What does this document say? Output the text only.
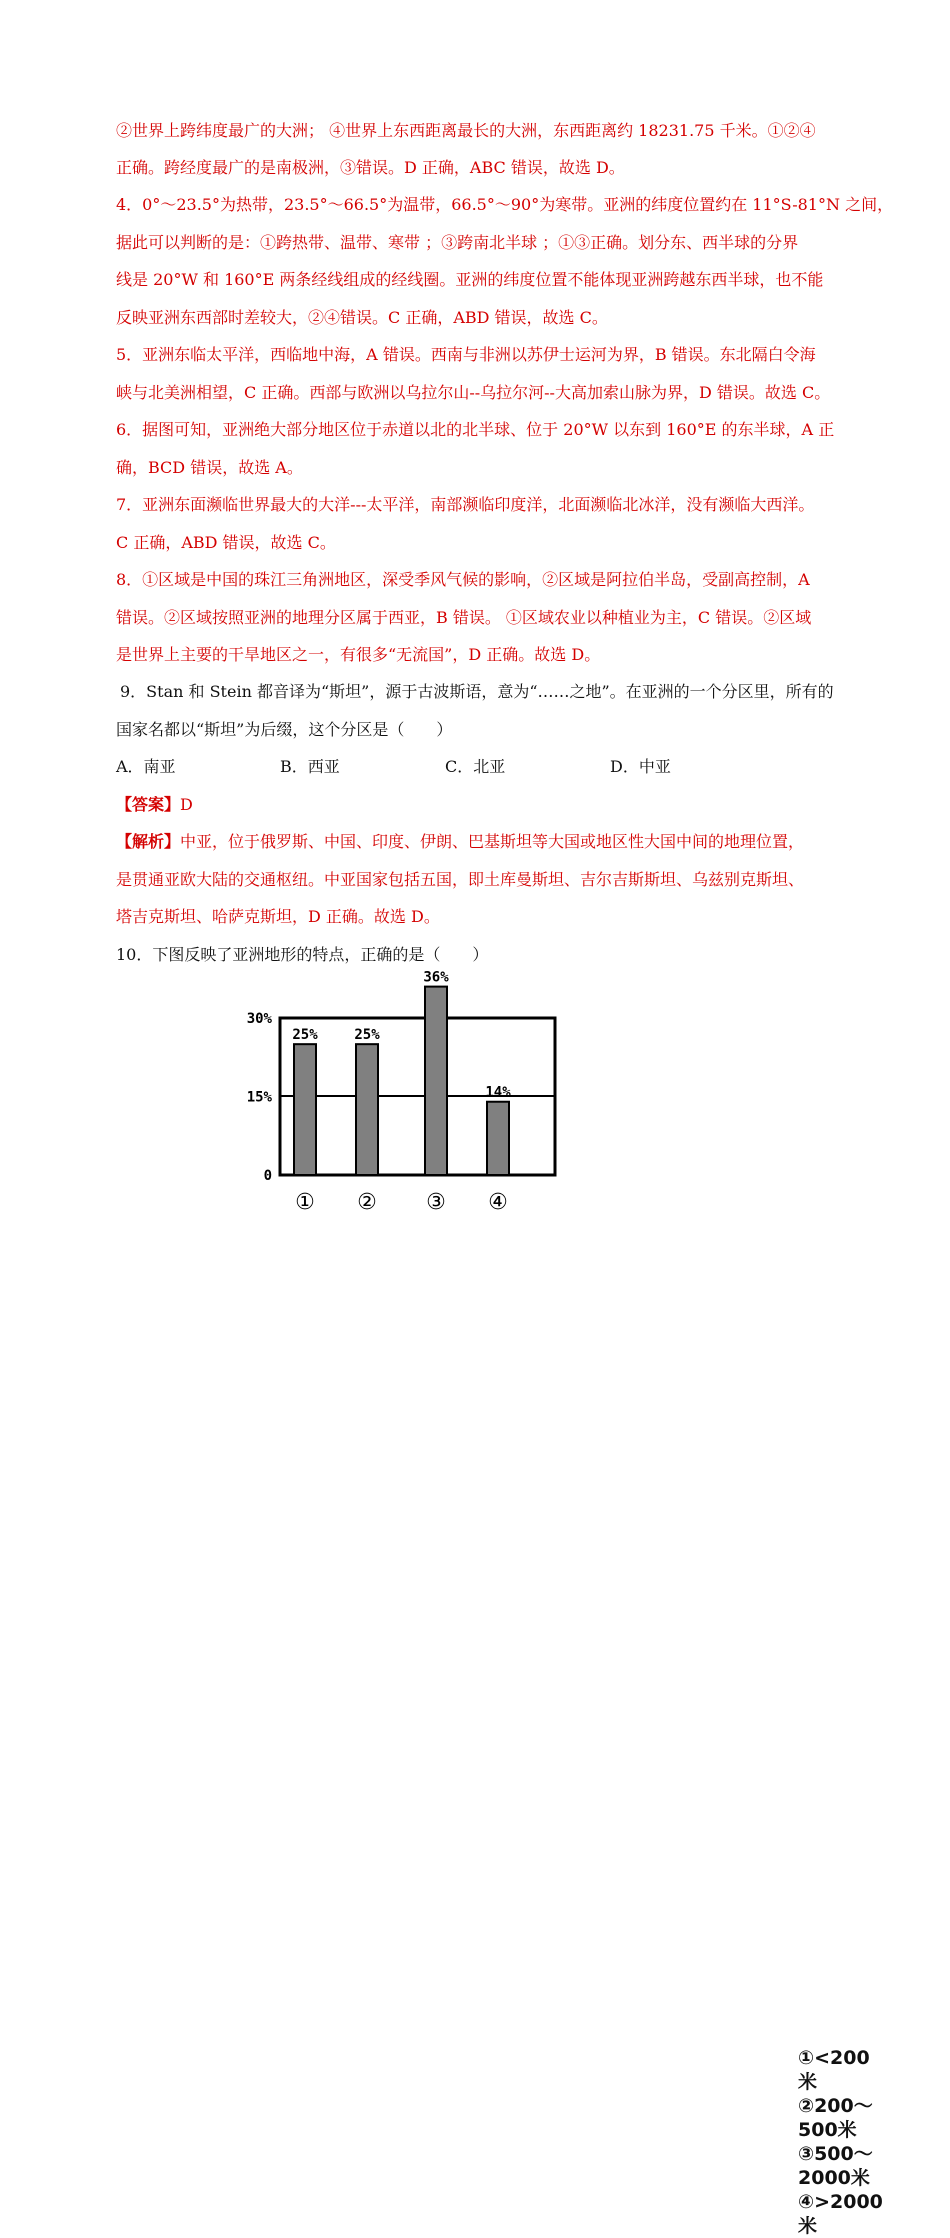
②世界上跨纬度最广的大洲； ④世界上东西距离最长的大洲，东西距离约 18231.75 千米。①②④
正确。跨经度最广的是南极洲，③错误。D 正确，ABC 错误，故选 D。
4．0°～23.5°为热带，23.5°～66.5°为温带，66.5°～90°为寒带。亚洲的纬度位置约在 11°S-81°N 之间，
据此可以判断的是：①跨热带、温带、寒带 ；③跨南北半球 ；①③正确。划分东、西半球的分界
线是 20°W 和 160°E 两条经线组成的经线圈。亚洲的纬度位置不能体现亚洲跨越东西半球，也不能
反映亚洲东西部时差较大，②④错误。C 正确，ABD 错误，故选 C。
5．亚洲东临太平洋，西临地中海，A 错误。西南与非洲以苏伊士运河为界，B 错误。东北隔白令海
峡与北美洲相望，C 正确。西部与欧洲以乌拉尔山--乌拉尔河--大高加索山脉为界，D 错误。故选 C。
6．据图可知，亚洲绝大部分地区位于赤道以北的北半球、位于 20°W 以东到 160°E 的东半球，A 正
确，BCD 错误，故选 A。
7．亚洲东面濒临世界最大的大洋---太平洋，南部濒临印度洋，北面濒临北冰洋，没有濒临大西洋。
C 正确，ABD 错误，故选 C。
8．①区域是中国的珠江三角洲地区，深受季风气候的影响，②区域是阿拉伯半岛，受副高控制，A
错误。②区域按照亚洲的地理分区属于西亚，B 错误。 ①区域农业以种植业为主，C 错误。②区域
是世界上主要的干旱地区之一，有很多“无流国”，D 正确。故选 D。
9．Stan 和 Stein 都音译为“斯坦”，源于古波斯语，意为“……之地”。在亚洲的一个分区里，所有的
国家名都以“斯坦”为后缀，这个分区是（　　）
A．南亚	B．西亚	C．北亚	D．中亚
【答案】D
【解析】中亚，位于俄罗斯、中国、印度、伊朗、巴基斯坦等大国或地区性大国中间的地理位置，
是贯通亚欧大陆的交通枢纽。中亚国家包括五国，即土库曼斯坦、吉尔吉斯斯坦、乌兹别克斯坦、
塔吉克斯坦、哈萨克斯坦，D 正确。故选 D。
10．下图反映了亚洲地形的特点，正确的是（　　）
25%	25%
36%
14%
0
15%
30%
① ② ③ ④
①<200米
②200～500米
③500～2000米
④>2000米
